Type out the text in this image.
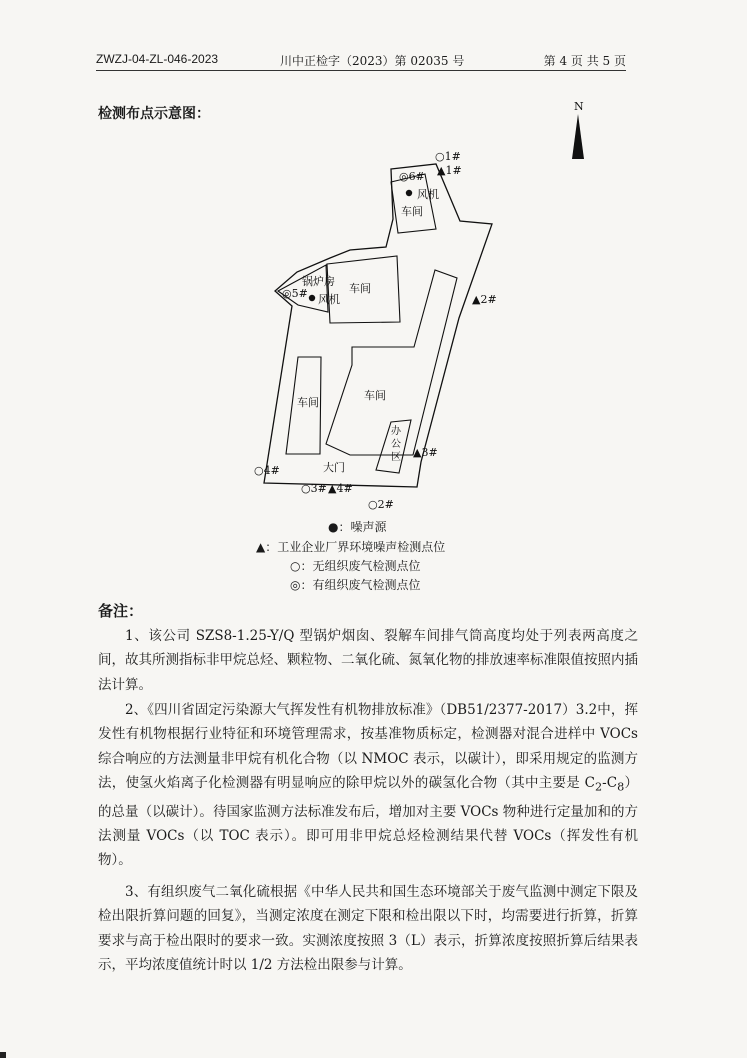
ZWZJ-04-ZL-046-2023	川中正检字（2023）第 02035 号	第 4 页 共 5 页
检测布点示意图：	N
风机
车间
锅炉房
风机
车间
车间
车间
办
公
区
大门
○1#
▲1#
◎6#
◎5#	▲2#
▲3#
○4#
○3# ▲4#
○2#
●：噪声源
▲：工业企业厂界环境噪声检测点位
○：无组织废气检测点位
◎：有组织废气检测点位
备注：

1、该公司 SZS8-1.25-Y/Q 型锅炉烟囱、裂解车间排气筒高度均处于列表两高度之间，故其所测指标非甲烷总烃、颗粒物、二氧化硫、氮氧化物的排放速率标准限值按照内插法计算。

2、《四川省固定污染源大气挥发性有机物排放标准》（DB51/2377-2017）3.2中，挥发性有机物根据行业特征和环境管理需求，按基准物质标定，检测器对混合进样中 VOCs 综合响应的方法测量非甲烷有机化合物（以 NMOC 表示，以碳计），即采用规定的监测方法，使氢火焰离子化检测器有明显响应的除甲烷以外的碳氢化合物（其中主要是 $C_2-C_8$）的总量（以碳计）。待国家监测方法标准发布后，增加对主要 VOCs 物种进行定量加和的方法测量 VOCs（以 TOC 表示）。即可用非甲烷总烃检测结果代替 VOCs（挥发性有机物）。

3、有组织废气二氧化硫根据《中华人民共和国生态环境部关于废气监测中测定下限及检出限折算问题的回复》，当测定浓度在测定下限和检出限以下时，均需要进行折算，折算要求与高于检出限时的要求一致。实测浓度按照 3（L）表示，折算浓度按照折算后结果表示，平均浓度值统计时以 1/2 方法检出限参与计算。
